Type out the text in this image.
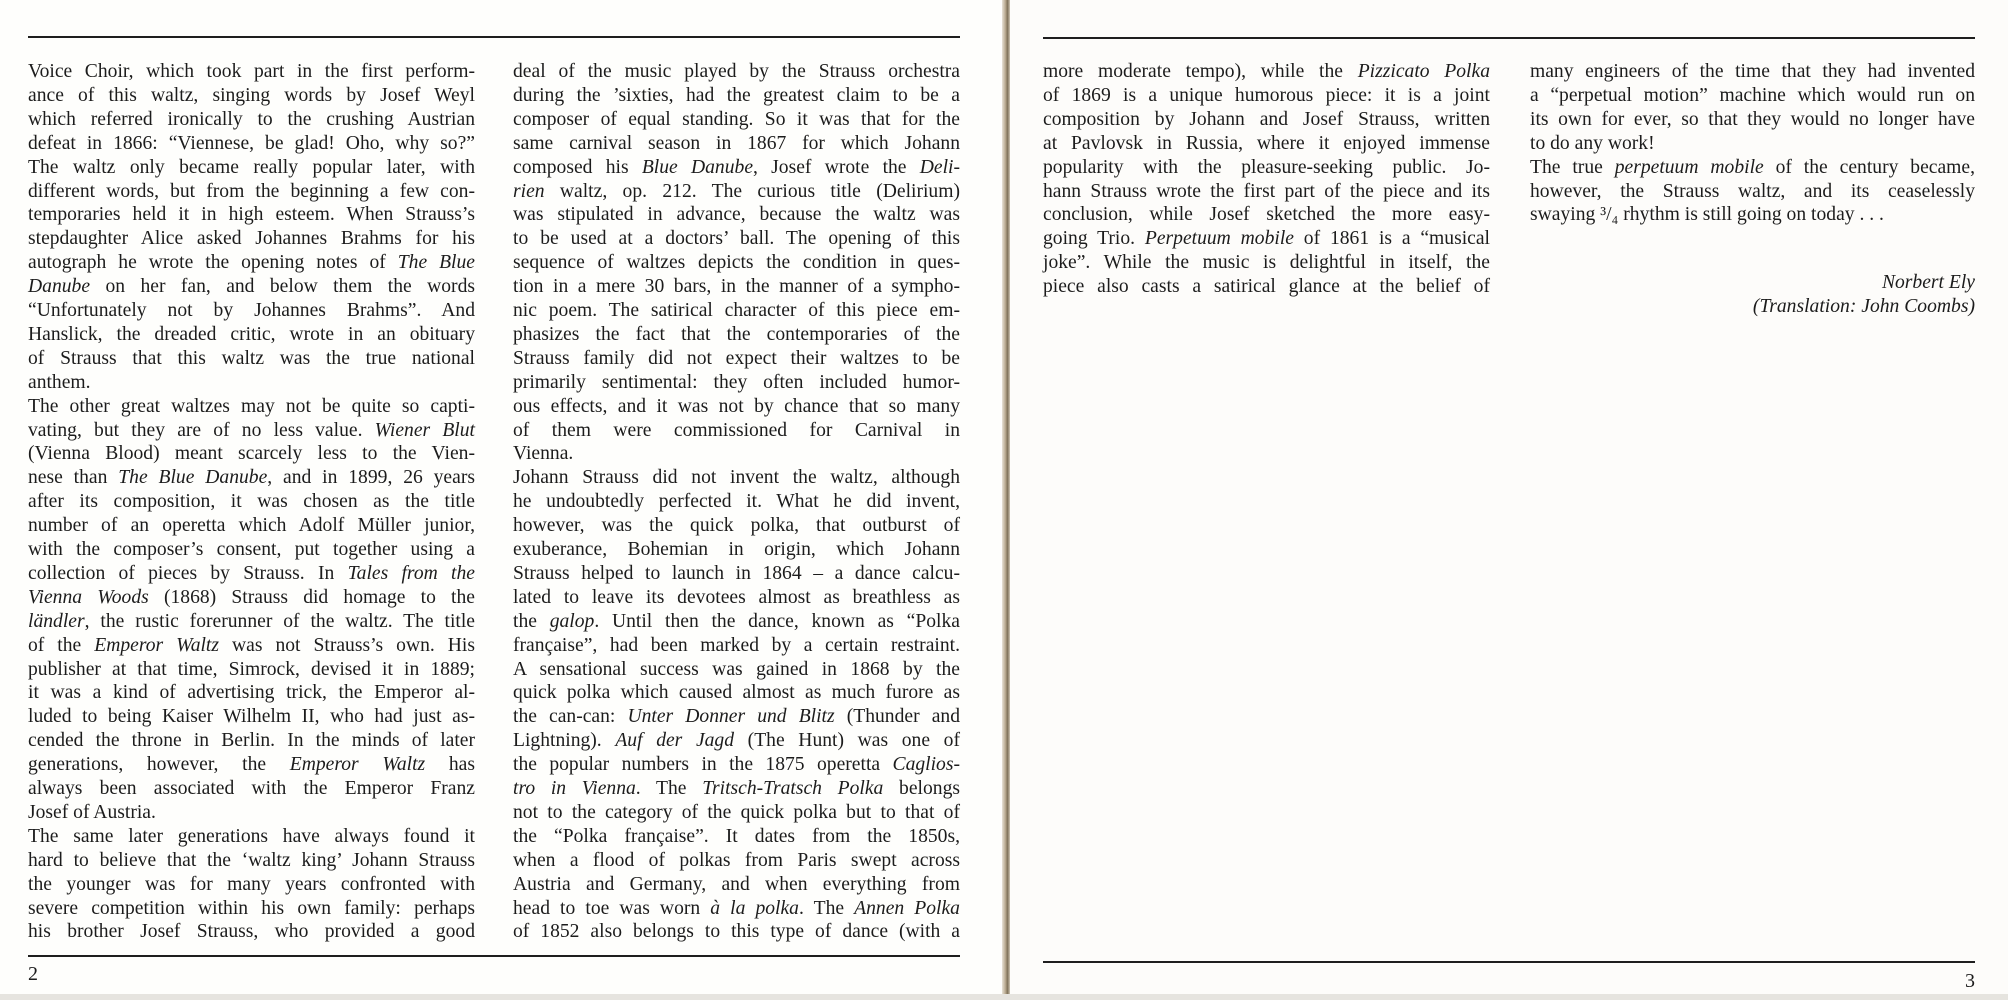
Voice Choir, which took part in the first perform-
ance of this waltz, singing words by Josef Weyl
which referred ironically to the crushing Austrian
defeat in 1866: “Viennese, be glad! Oho, why so?”
The waltz only became really popular later, with
different words, but from the beginning a few con-
temporaries held it in high esteem. When Strauss’s
stepdaughter Alice asked Johannes Brahms for his
autograph he wrote the opening notes of The Blue
Danube on her fan, and below them the words
“Unfortunately not by Johannes Brahms”. And
Hanslick, the dreaded critic, wrote in an obituary
of Strauss that this waltz was the true national
anthem.
The other great waltzes may not be quite so capti-
vating, but they are of no less value. Wiener Blut
(Vienna Blood) meant scarcely less to the Vien-
nese than The Blue Danube, and in 1899, 26 years
after its composition, it was chosen as the title
number of an operetta which Adolf Müller junior,
with the composer’s consent, put together using a
collection of pieces by Strauss. In Tales from the
Vienna Woods (1868) Strauss did homage to the
ländler, the rustic forerunner of the waltz. The title
of the Emperor Waltz was not Strauss’s own. His
publisher at that time, Simrock, devised it in 1889;
it was a kind of advertising trick, the Emperor al-
luded to being Kaiser Wilhelm II, who had just as-
cended the throne in Berlin. In the minds of later
generations, however, the Emperor Waltz has
always been associated with the Emperor Franz
Josef of Austria.
The same later generations have always found it
hard to believe that the ‘waltz king’ Johann Strauss
the younger was for many years confronted with
severe competition within his own family: perhaps
his brother Josef Strauss, who provided a good
deal of the music played by the Strauss orchestra
during the ’sixties, had the greatest claim to be a
composer of equal standing. So it was that for the
same carnival season in 1867 for which Johann
composed his Blue Danube, Josef wrote the Deli-
rien waltz, op. 212. The curious title (Delirium)
was stipulated in advance, because the waltz was
to be used at a doctors’ ball. The opening of this
sequence of waltzes depicts the condition in ques-
tion in a mere 30 bars, in the manner of a sympho-
nic poem. The satirical character of this piece em-
phasizes the fact that the contemporaries of the
Strauss family did not expect their waltzes to be
primarily sentimental: they often included humor-
ous effects, and it was not by chance that so many
of them were commissioned for Carnival in
Vienna.
Johann Strauss did not invent the waltz, although
he undoubtedly perfected it. What he did invent,
however, was the quick polka, that outburst of
exuberance, Bohemian in origin, which Johann
Strauss helped to launch in 1864 – a dance calcu-
lated to leave its devotees almost as breathless as
the galop. Until then the dance, known as “Polka
française”, had been marked by a certain restraint.
A sensational success was gained in 1868 by the
quick polka which caused almost as much furore as
the can-can: Unter Donner und Blitz (Thunder and
Lightning). Auf der Jagd (The Hunt) was one of
the popular numbers in the 1875 operetta Caglios-
tro in Vienna. The Tritsch-Tratsch Polka belongs
not to the category of the quick polka but to that of
the “Polka française”. It dates from the 1850s,
when a flood of polkas from Paris swept across
Austria and Germany, and when everything from
head to toe was worn à la polka. The Annen Polka
of 1852 also belongs to this type of dance (with a
2
more moderate tempo), while the Pizzicato Polka
of 1869 is a unique humorous piece: it is a joint
composition by Johann and Josef Strauss, written
at Pavlovsk in Russia, where it enjoyed immense
popularity with the pleasure-seeking public. Jo-
hann Strauss wrote the first part of the piece and its
conclusion, while Josef sketched the more easy-
going Trio. Perpetuum mobile of 1861 is a “musical
joke”. While the music is delightful in itself, the
piece also casts a satirical glance at the belief of
many engineers of the time that they had invented
a “perpetual motion” machine which would run on
its own for ever, so that they would no longer have
to do any work!
The true perpetuum mobile of the century became,
however, the Strauss waltz, and its ceaselessly
swaying ³/₄ rhythm is still going on today . . .
Norbert Ely
(Translation: John Coombs)
3
